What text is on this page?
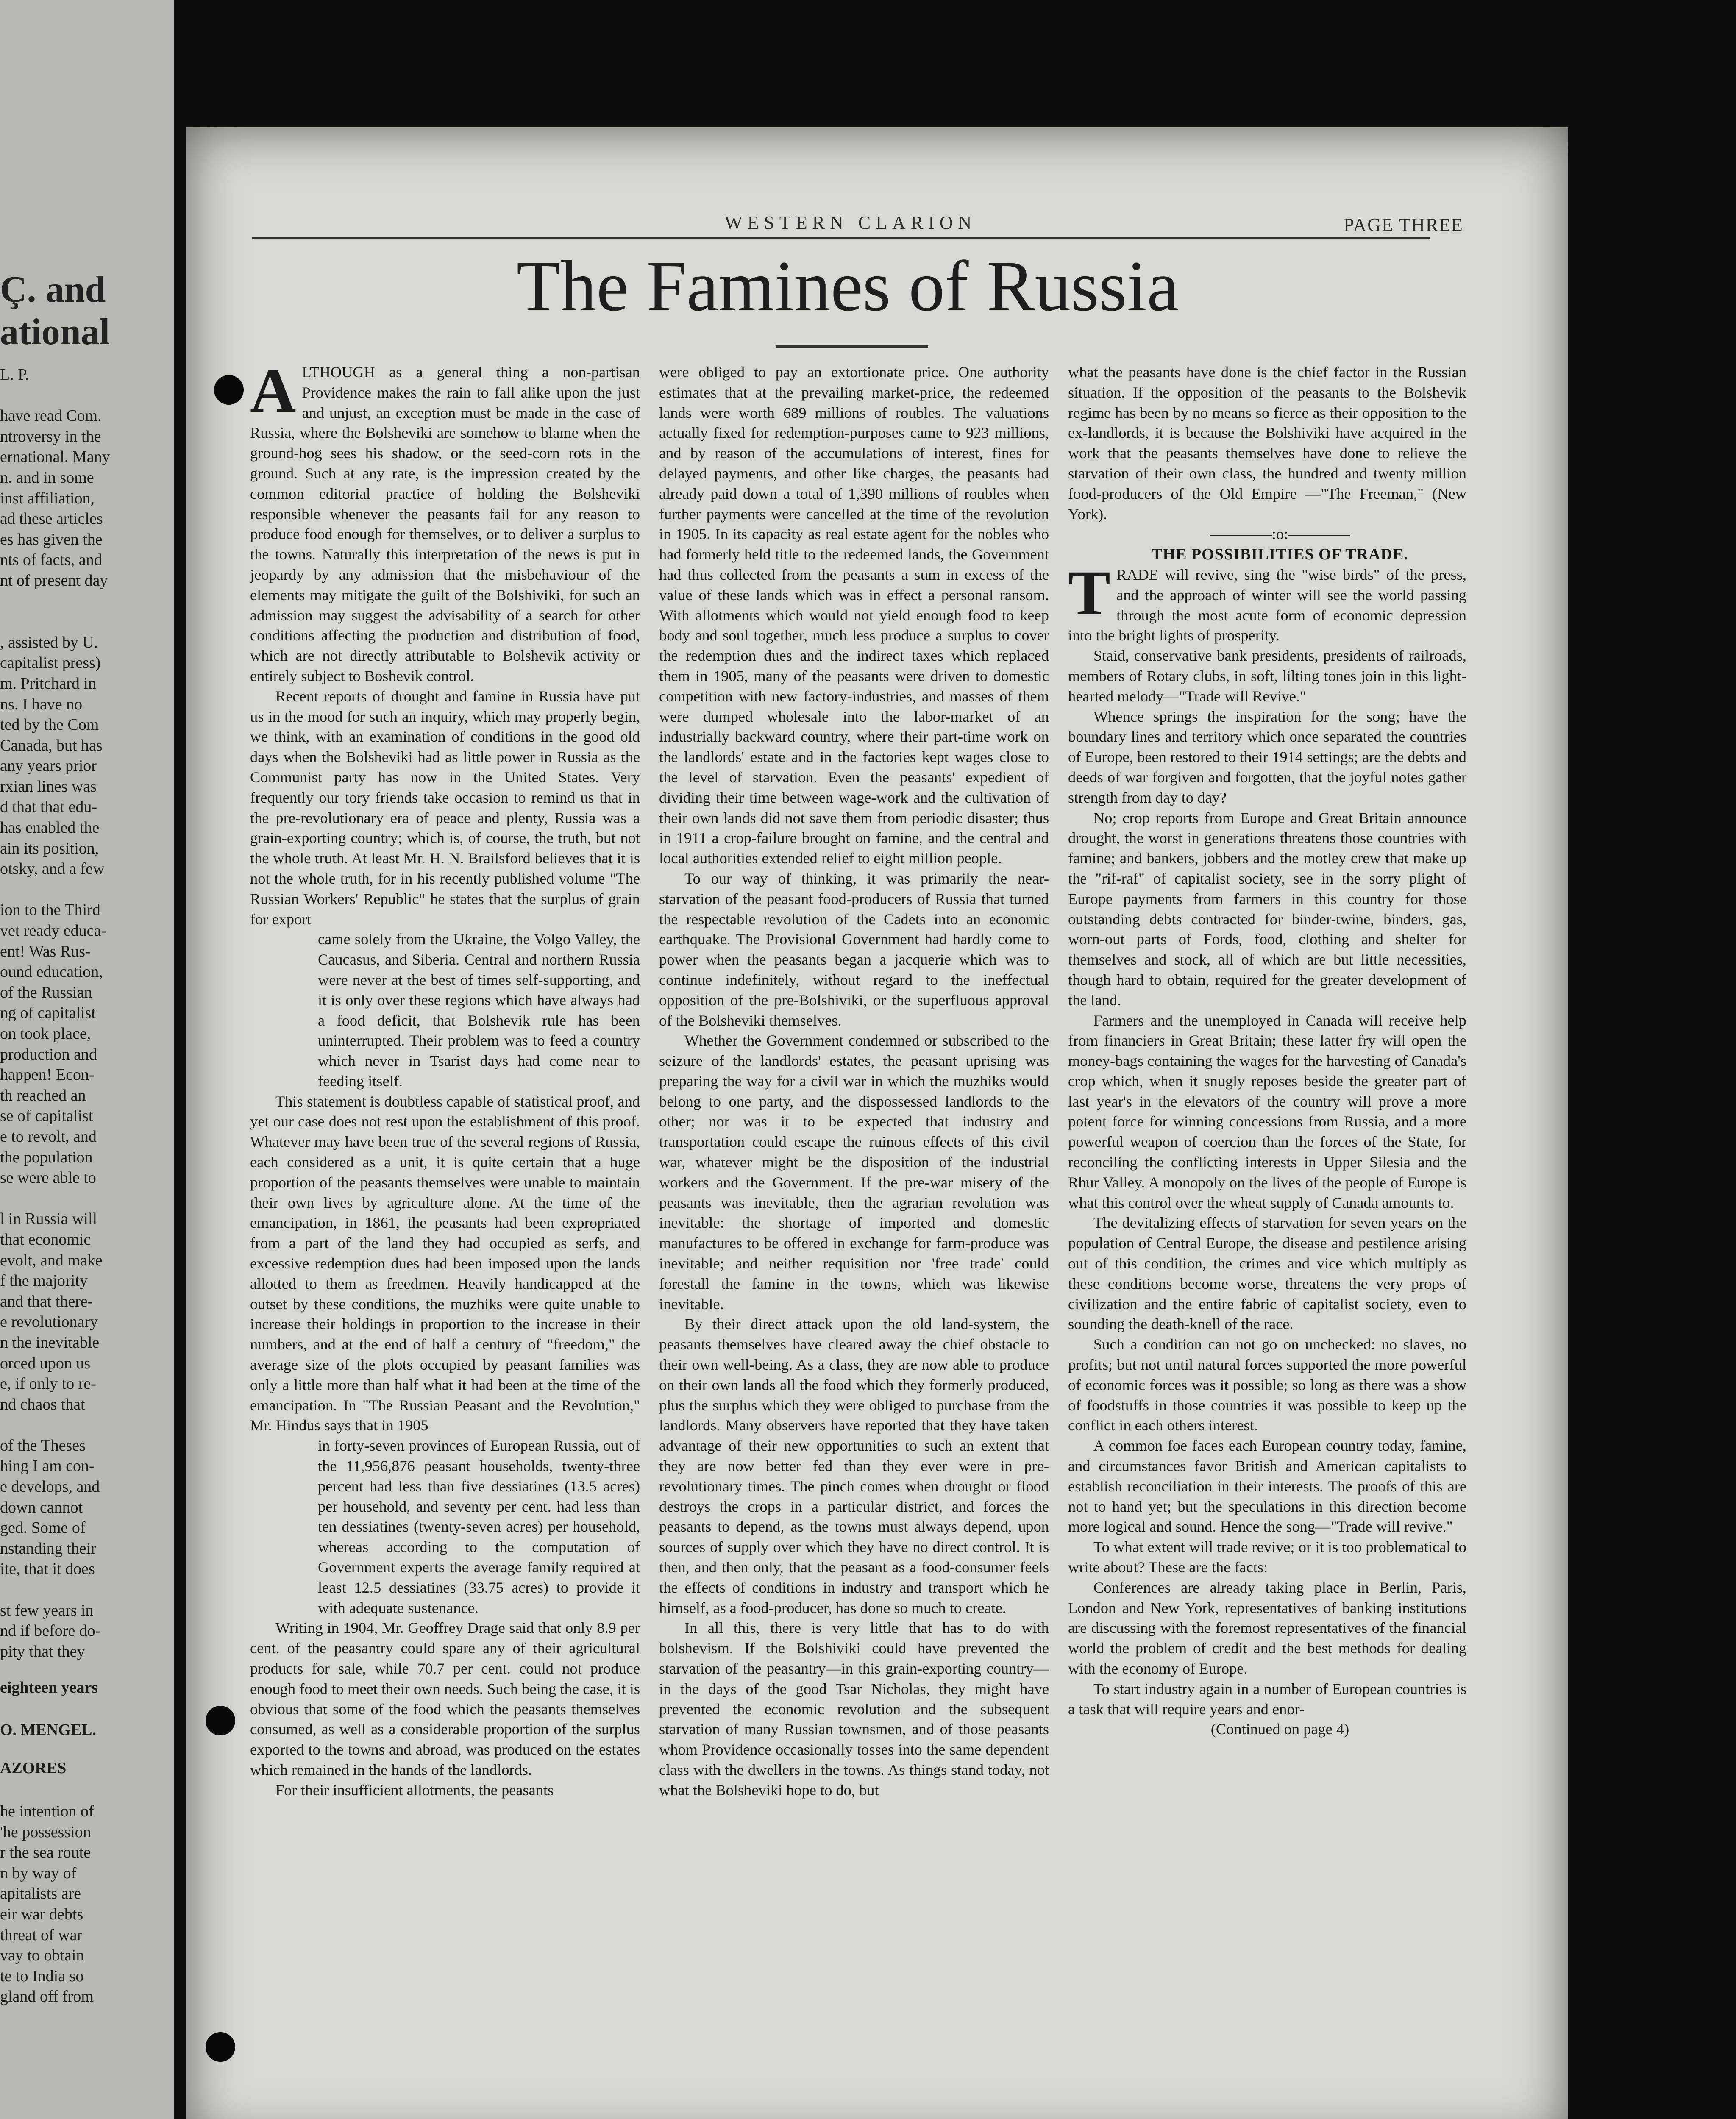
Ç. and
ational
L. P.

have read Com.
ntroversy in the
ernational. Many
n. and in some
inst affiliation,
ad these articles
es has given the
nts of facts, and
nt of present day

, assisted by U.
capitalist press)
m. Pritchard in
ns. I have no
ted by the Com
Canada, but has
any years prior
rxian lines was
d that that edu-
has enabled the
ain its position,
otsky, and a few

ion to the Third
vet ready educa-
ent! Was Rus-
ound education,
of the Russian
ng of capitalist
on took place,
production and
happen! Econ-
th reached an
se of capitalist
e to revolt, and
the population
se were able to

l in Russia will
that economic
evolt, and make
f the majority
and that there-
e revolutionary
n the inevitable
orced upon us
e, if only to re-
nd chaos that

of the Theses
hing I am con-
e develops, and
down cannot
ged. Some of
nstanding their
ite, that it does

st few years in
nd if before do-
pity that they
eighteen years
O. MENGEL.
AZORES
he intention of
'he possession
r the sea route
n by way of
apitalists are
eir war debts
threat of war
vay to obtain
te to India so
gland off from
WESTERN CLARION	PAGE THREE
The Famines of Russia

ALTHOUGH as a general thing a non-partisan Providence makes the rain to fall alike upon the just and unjust, an exception must be made in the case of Russia, where the Bolsheviki are somehow to blame when the ground-hog sees his shadow, or the seed-corn rots in the ground. Such at any rate, is the impression created by the common editorial practice of holding the Bolsheviki responsible whenever the peasants fail for any reason to produce food enough for themselves, or to deliver a surplus to the towns. Naturally this interpretation of the news is put in jeopardy by any admission that the misbehaviour of the elements may mitigate the guilt of the Bolshiviki, for such an admission may suggest the advisability of a search for other conditions affecting the production and distribution of food, which are not directly attributable to Bolshevik activity or entirely subject to Boshevik control.

Recent reports of drought and famine in Russia have put us in the mood for such an inquiry, which may properly begin, we think, with an examination of conditions in the good old days when the Bolsheviki had as little power in Russia as the Communist party has now in the United States. Very frequently our tory friends take occasion to remind us that in the pre-revolutionary era of peace and plenty, Russia was a grain-exporting country; which is, of course, the truth, but not the whole truth. At least Mr. H. N. Brailsford believes that it is not the whole truth, for in his recently published volume "The Russian Workers' Republic" he states that the surplus of grain for export

came solely from the Ukraine, the Volgo Valley, the Caucasus, and Siberia. Central and northern Russia were never at the best of times self-supporting, and it is only over these regions which have always had a food deficit, that Bolshevik rule has been uninterrupted. Their problem was to feed a country which never in Tsarist days had come near to feeding itself.

This statement is doubtless capable of statistical proof, and yet our case does not rest upon the establishment of this proof. Whatever may have been true of the several regions of Russia, each considered as a unit, it is quite certain that a huge proportion of the peasants themselves were unable to maintain their own lives by agriculture alone. At the time of the emancipation, in 1861, the peasants had been expropriated from a part of the land they had occupied as serfs, and excessive redemption dues had been imposed upon the lands allotted to them as freedmen. Heavily handicapped at the outset by these conditions, the muzhiks were quite unable to increase their holdings in proportion to the increase in their numbers, and at the end of half a century of "freedom," the average size of the plots occupied by peasant families was only a little more than half what it had been at the time of the emancipation. In "The Russian Peasant and the Revolution," Mr. Hindus says that in 1905

in forty-seven provinces of European Russia, out of the 11,956,876 peasant households, twenty-three percent had less than five dessiatines (13.5 acres) per household, and seventy per cent. had less than ten dessiatines (twenty-seven acres) per household, whereas according to the computation of Government experts the average family required at least 12.5 dessiatines (33.75 acres) to provide it with adequate sustenance.

Writing in 1904, Mr. Geoffrey Drage said that only 8.9 per cent. of the peasantry could spare any of their agricultural products for sale, while 70.7 per cent. could not produce enough food to meet their own needs. Such being the case, it is obvious that some of the food which the peasants themselves consumed, as well as a considerable proportion of the surplus exported to the towns and abroad, was produced on the estates which remained in the hands of the landlords.

For their insufficient allotments, the peasants

were obliged to pay an extortionate price. One authority estimates that at the prevailing market-price, the redeemed lands were worth 689 millions of roubles. The valuations actually fixed for redemption-purposes came to 923 millions, and by reason of the accumulations of interest, fines for delayed payments, and other like charges, the peasants had already paid down a total of 1,390 millions of roubles when further payments were cancelled at the time of the revolution in 1905. In its capacity as real estate agent for the nobles who had formerly held title to the redeemed lands, the Government had thus collected from the peasants a sum in excess of the value of these lands which was in effect a personal ransom. With allotments which would not yield enough food to keep body and soul together, much less produce a surplus to cover the redemption dues and the indirect taxes which replaced them in 1905, many of the peasants were driven to domestic competition with new factory-industries, and masses of them were dumped wholesale into the labor-market of an industrially backward country, where their part-time work on the landlords' estate and in the factories kept wages close to the level of starvation. Even the peasants' expedient of dividing their time between wage-work and the cultivation of their own lands did not save them from periodic disaster; thus in 1911 a crop-failure brought on famine, and the central and local authorities extended relief to eight million people.

To our way of thinking, it was primarily the near-starvation of the peasant food-producers of Russia that turned the respectable revolution of the Cadets into an economic earthquake. The Provisional Government had hardly come to power when the peasants began a jacquerie which was to continue indefinitely, without regard to the ineffectual opposition of the pre-Bolshiviki, or the superfluous approval of the Bolsheviki themselves.

Whether the Government condemned or subscribed to the seizure of the landlords' estates, the peasant uprising was preparing the way for a civil war in which the muzhiks would belong to one party, and the dispossessed landlords to the other; nor was it to be expected that industry and transportation could escape the ruinous effects of this civil war, whatever might be the disposition of the industrial workers and the Government. If the pre-war misery of the peasants was inevitable, then the agrarian revolution was inevitable: the shortage of imported and domestic manufactures to be offered in exchange for farm-produce was inevitable; and neither requisition nor 'free trade' could forestall the famine in the towns, which was likewise inevitable.

By their direct attack upon the old land-system, the peasants themselves have cleared away the chief obstacle to their own well-being. As a class, they are now able to produce on their own lands all the food which they formerly produced, plus the surplus which they were obliged to purchase from the landlords. Many observers have reported that they have taken advantage of their new opportunities to such an extent that they are now better fed than they ever were in pre-revolutionary times. The pinch comes when drought or flood destroys the crops in a particular district, and forces the peasants to depend, as the towns must always depend, upon sources of supply over which they have no direct control. It is then, and then only, that the peasant as a food-consumer feels the effects of conditions in industry and transport which he himself, as a food-producer, has done so much to create.

In all this, there is very little that has to do with bolshevism. If the Bolshiviki could have prevented the starvation of the peasantry—in this grain-exporting country—in the days of the good Tsar Nicholas, they might have prevented the economic revolution and the subsequent starvation of many Russian townsmen, and of those peasants whom Providence occasionally tosses into the same dependent class with the dwellers in the towns. As things stand today, not what the Bolsheviki hope to do, but

what the peasants have done is the chief factor in the Russian situation. If the opposition of the peasants to the Bolshevik regime has been by no means so fierce as their opposition to the ex-landlords, it is because the Bolshiviki have acquired in the work that the peasants themselves have done to relieve the starvation of their own class, the hundred and twenty million food-producers of the Old Empire —"The Freeman," (New York).

————:o:————

THE POSSIBILITIES OF TRADE.

TRADE will revive, sing the "wise birds" of the press, and the approach of winter will see the world passing through the most acute form of economic depression into the bright lights of prosperity.

Staid, conservative bank presidents, presidents of railroads, members of Rotary clubs, in soft, lilting tones join in this light-hearted melody—"Trade will Revive."

Whence springs the inspiration for the song; have the boundary lines and territory which once separated the countries of Europe, been restored to their 1914 settings; are the debts and deeds of war forgiven and forgotten, that the joyful notes gather strength from day to day?

No; crop reports from Europe and Great Britain announce drought, the worst in generations threatens those countries with famine; and bankers, jobbers and the motley crew that make up the "rif-raf" of capitalist society, see in the sorry plight of Europe payments from farmers in this country for those outstanding debts contracted for binder-twine, binders, gas, worn-out parts of Fords, food, clothing and shelter for themselves and stock, all of which are but little necessities, though hard to obtain, required for the greater development of the land.

Farmers and the unemployed in Canada will receive help from financiers in Great Britain; these latter fry will open the money-bags containing the wages for the harvesting of Canada's crop which, when it snugly reposes beside the greater part of last year's in the elevators of the country will prove a more potent force for winning concessions from Russia, and a more powerful weapon of coercion than the forces of the State, for reconciling the conflicting interests in Upper Silesia and the Rhur Valley. A monopoly on the lives of the people of Europe is what this control over the wheat supply of Canada amounts to.

The devitalizing effects of starvation for seven years on the population of Central Europe, the disease and pestilence arising out of this condition, the crimes and vice which multiply as these conditions become worse, threatens the very props of civilization and the entire fabric of capitalist society, even to sounding the death-knell of the race.

Such a condition can not go on unchecked: no slaves, no profits; but not until natural forces supported the more powerful of economic forces was it possible; so long as there was a show of foodstuffs in those countries it was possible to keep up the conflict in each others interest.

A common foe faces each European country today, famine, and circumstances favor British and American capitalists to establish reconciliation in their interests. The proofs of this are not to hand yet; but the speculations in this direction become more logical and sound. Hence the song—"Trade will revive."

To what extent will trade revive; or it is too problematical to write about? These are the facts:

Conferences are already taking place in Berlin, Paris, London and New York, representatives of banking institutions are discussing with the foremost representatives of the financial world the problem of credit and the best methods for dealing with the economy of Europe.

To start industry again in a number of European countries is a task that will require years and enor-

(Continued on page 4)
